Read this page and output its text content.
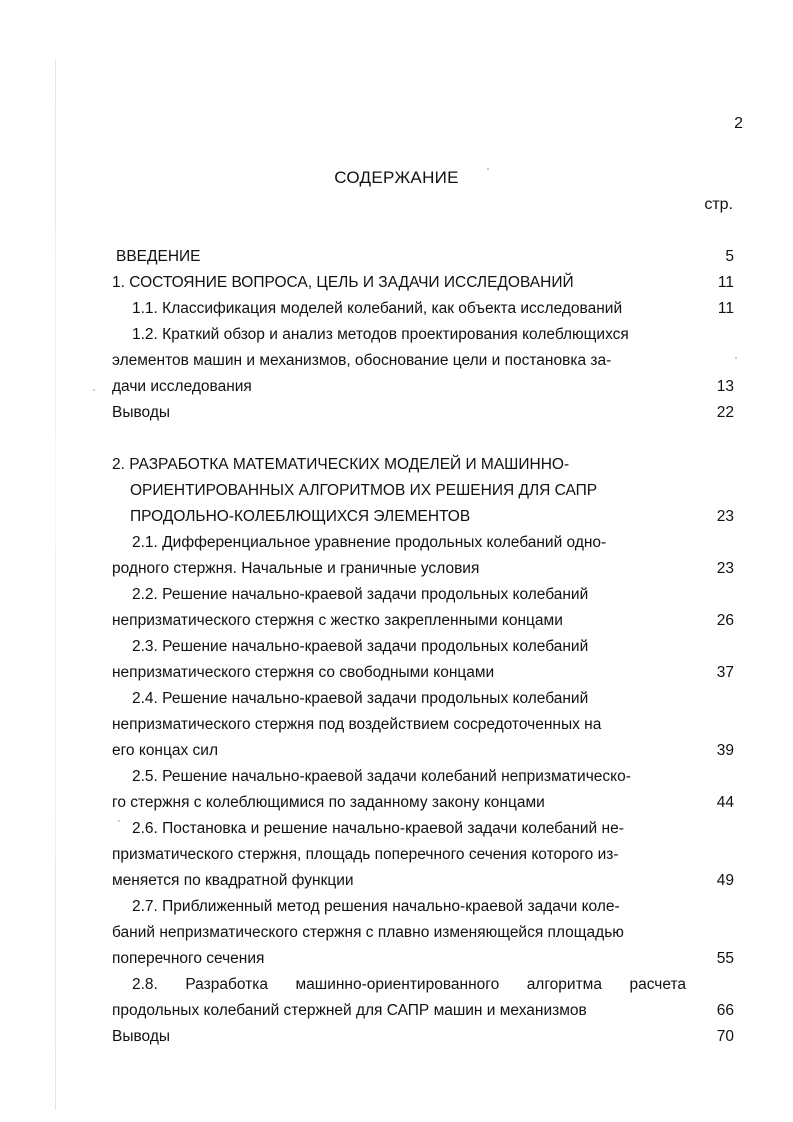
2
СОДЕРЖАНИЕ
стр.
ВВЕДЕНИЕ	5
1. СОСТОЯНИЕ ВОПРОСА, ЦЕЛЬ И ЗАДАЧИ ИССЛЕДОВАНИЙ	11
1.1. Классификация моделей колебаний, как объекта исследований	11
1.2. Краткий обзор и анализ методов проектирования колеблющихся
элементов машин и механизмов, обоснование цели и постановка за-
дачи исследования	13
Выводы	22
2. РАЗРАБОТКА МАТЕМАТИЧЕСКИХ МОДЕЛЕЙ И МАШИННО-
ОРИЕНТИРОВАННЫХ АЛГОРИТМОВ ИХ РЕШЕНИЯ ДЛЯ САПР
ПРОДОЛЬНО-КОЛЕБЛЮЩИХСЯ ЭЛЕМЕНТОВ	23
2.1. Дифференциальное уравнение продольных колебаний одно-
родного стержня. Начальные и граничные условия	23
2.2. Решение начально-краевой задачи продольных колебаний
непризматического стержня с жестко закрепленными концами	26
2.3. Решение начально-краевой задачи продольных колебаний
непризматического стержня со свободными концами	37
2.4. Решение начально-краевой задачи продольных колебаний
непризматического стержня под воздействием сосредоточенных на
его концах сил	39
2.5. Решение начально-краевой задачи колебаний непризматическо-
го стержня с колеблющимися по заданному закону концами	44
2.6. Постановка и решение начально-краевой задачи колебаний не-
призматического стержня, площадь поперечного сечения которого из-
меняется по квадратной функции	49
2.7. Приближенный метод решения начально-краевой задачи коле-
баний непризматического стержня с плавно изменяющейся площадью
поперечного сечения	55
2.8. Разработка машинно-ориентированного алгоритма расчета
продольных колебаний стержней для САПР машин и механизмов	66
Выводы	70
